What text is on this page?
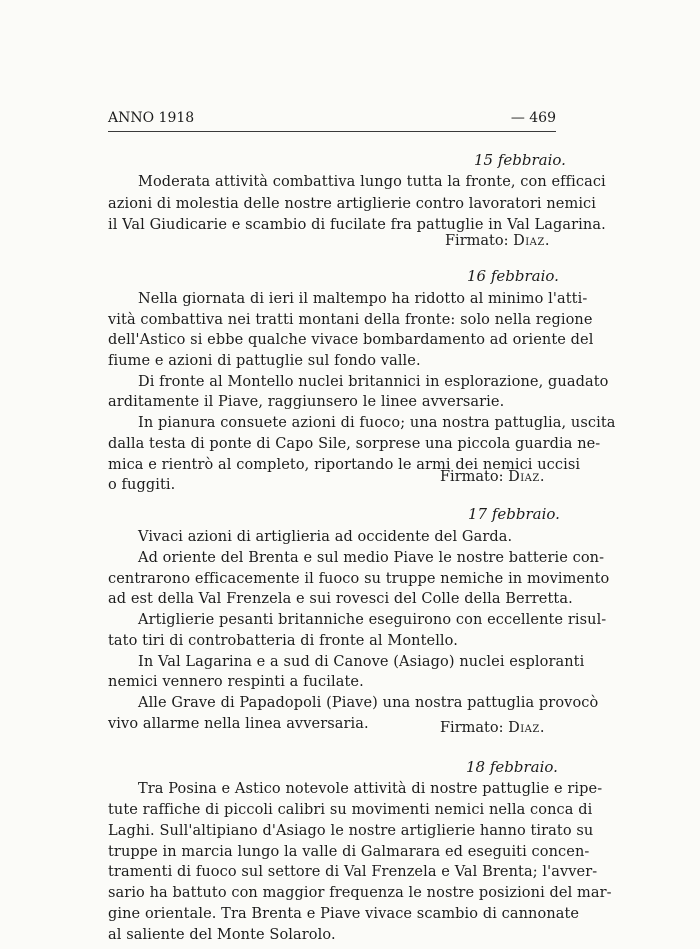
ANNO 1918	— 469
15 febbraio.
Moderata attività combattiva lungo tutta la fronte, con efficaci
azioni di molestia delle nostre artiglierie contro lavoratori nemici
il Val Giudicarie e scambio di fucilate fra pattuglie in Val Lagarina.
Firmato: Diaz.
16 febbraio.
Nella giornata di ieri il maltempo ha ridotto al minimo l'atti-
vità combattiva nei tratti montani della fronte: solo nella regione
dell'Astico si ebbe qualche vivace bombardamento ad oriente del
fiume e azioni di pattuglie sul fondo valle.
Di fronte al Montello nuclei britannici in esplorazione, guadato
arditamente il Piave, raggiunsero le linee avversarie.
In pianura consuete azioni di fuoco; una nostra pattuglia, uscita
dalla testa di ponte di Capo Sile, sorprese una piccola guardia ne-
mica e rientrò al completo, riportando le armi dei nemici uccisi
o fuggiti.	Firmato: Diaz.
17 febbraio.
Vivaci azioni di artiglieria ad occidente del Garda.
Ad oriente del Brenta e sul medio Piave le nostre batterie con-
centrarono efficacemente il fuoco su truppe nemiche in movimento
ad est della Val Frenzela e sui rovesci del Colle della Berretta.
Artiglierie pesanti britanniche eseguirono con eccellente risul-
tato tiri di controbatteria di fronte al Montello.
In Val Lagarina e a sud di Canove (Asiago) nuclei esploranti
nemici vennero respinti a fucilate.
Alle Grave di Papadopoli (Piave) una nostra pattuglia provocò
vivo allarme nella linea avversaria.	Firmato: Diaz.
18 febbraio.
Tra Posina e Astico notevole attività di nostre pattuglie e ripe-
tute raffiche di piccoli calibri su movimenti nemici nella conca di
Laghi. Sull'altipiano d'Asiago le nostre artiglierie hanno tirato su
truppe in marcia lungo la valle di Galmarara ed eseguiti concen-
tramenti di fuoco sul settore di Val Frenzela e Val Brenta; l'avver-
sario ha battuto con maggior frequenza le nostre posizioni del mar-
gine orientale. Tra Brenta e Piave vivace scambio di cannonate
al saliente del Monte Solarolo.
